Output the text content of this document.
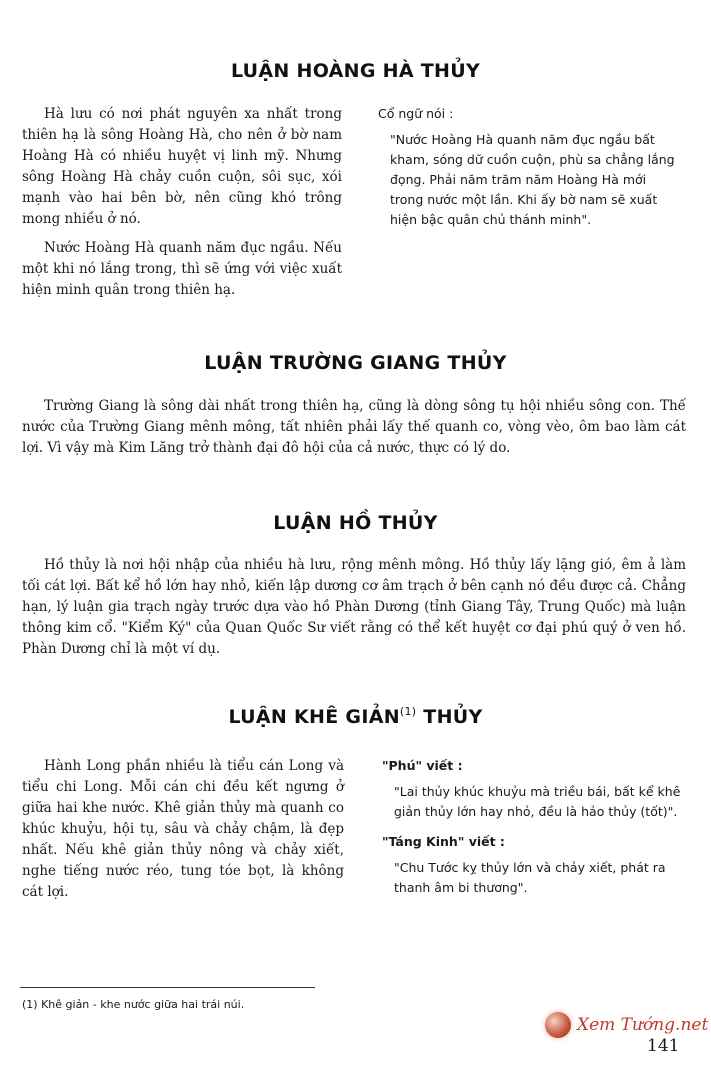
LUẬN HOÀNG HÀ THỦY

Hà lưu có nơi phát nguyên xa nhất trong thiên hạ là sông Hoàng Hà, cho nên ở bờ nam Hoàng Hà có nhiều huyệt vị linh mỹ. Nhưng sông Hoàng Hà chảy cuồn cuộn, sôi sục, xói mạnh vào hai bên bờ, nên cũng khó trông mong nhiều ở nó.

Nước Hoàng Hà quanh năm đục ngầu. Nếu một khi nó lắng trong, thì sẽ ứng với việc xuất hiện minh quân trong thiên hạ.

Cổ ngữ nói :

"Nước Hoàng Hà quanh năm đục ngầu bất kham, sóng dữ cuồn cuộn, phù sa chẳng lắng đọng. Phải năm trăm năm Hoàng Hà mới trong nước một lần. Khi ấy bờ nam sẽ xuất hiện bậc quân chủ thánh minh".

LUẬN TRƯỜNG GIANG THỦY

Trường Giang là sông dài nhất trong thiên hạ, cũng là dòng sông tụ hội nhiều sông con. Thế nước của Trường Giang mênh mông, tất nhiên phải lấy thế quanh co, vòng vèo, ôm bao làm cát lợi. Vì vậy mà Kim Lăng trở thành đại đô hội của cả nước, thực có lý do.

LUẬN HỒ THỦY

Hồ thủy là nơi hội nhập của nhiều hà lưu, rộng mênh mông. Hồ thủy lấy lặng gió, êm ả làm tối cát lợi. Bất kể hồ lớn hay nhỏ, kiến lập dương cơ âm trạch ở bên cạnh nó đều được cả. Chẳng hạn, lý luận gia trạch ngày trước dựa vào hồ Phàn Dương (tỉnh Giang Tây, Trung Quốc) mà luận thông kim cổ. "Kiểm Ký" của Quan Quốc Sư viết rằng có thể kết huyệt cơ đại phú quý ở ven hồ. Phàn Dương chỉ là một ví dụ.

LUẬN KHÊ GIẢN$^{(1)}$ THỦY

Hành Long phần nhiều là tiểu cán Long và tiểu chi Long. Mỗi cán chi đều kết ngưng ở giữa hai khe nước. Khê giản thủy mà quanh co khúc khuỷu, hội tụ, sâu và chảy chậm, là đẹp nhất. Nếu khê giản thủy nông và chảy xiết, nghe tiếng nước réo, tung tóe bọt, là không cát lợi.

"Phú" viết :

"Lai thủy khúc khuỷu mà triều bái, bất kể khê giản thủy lớn hay nhỏ, đều là hảo thủy (tốt)".

"Táng Kinh" viết :

"Chu Tước kỵ thủy lớn và chảy xiết, phát ra thanh âm bi thương".

(1) Khê giản - khe nước giữa hai trái núi.
Xem Tướng.net
141
